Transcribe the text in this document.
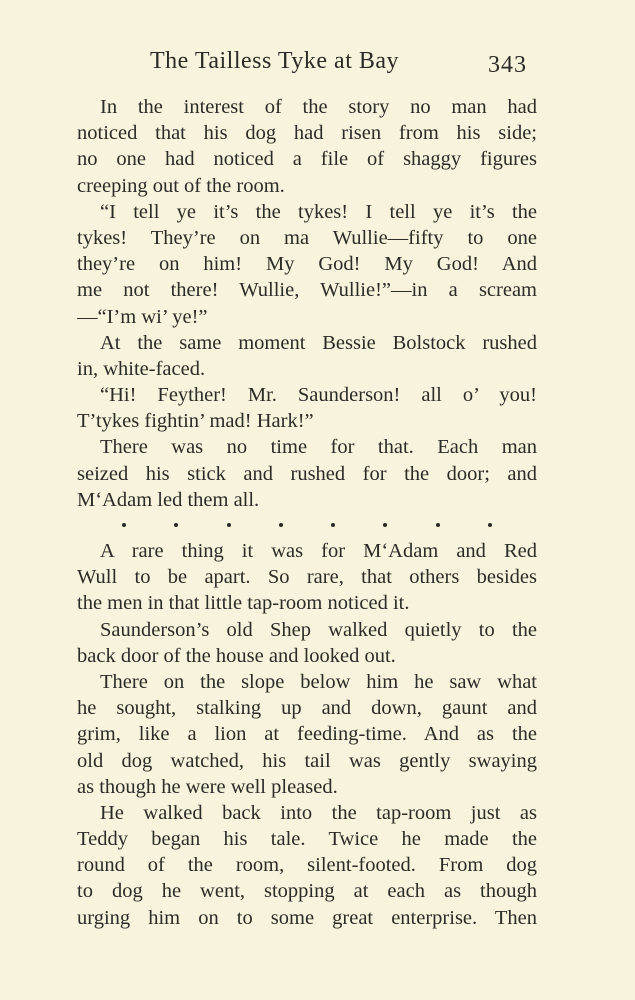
The Tailless Tyke at Bay	343
In the interest of the story no man had
noticed that his dog had risen from his side;
no one had noticed a file of shaggy figures
creeping out of the room.
“I tell ye it’s the tykes! I tell ye it’s the
tykes! They’re on ma Wullie—fifty to one
they’re on him! My God! My God! And
me not there! Wullie, Wullie!”—in a scream
—“I’m wi’ ye!”
At the same moment Bessie Bolstock rushed
in, white-faced.
“Hi! Feyther! Mr. Saunderson! all o’ you!
T’tykes fightin’ mad! Hark!”
There was no time for that. Each man
seized his stick and rushed for the door; and
M‘Adam led them all.
A rare thing it was for M‘Adam and Red
Wull to be apart. So rare, that others besides
the men in that little tap-room noticed it.
Saunderson’s old Shep walked quietly to the
back door of the house and looked out.
There on the slope below him he saw what
he sought, stalking up and down, gaunt and
grim, like a lion at feeding-time. And as the
old dog watched, his tail was gently swaying
as though he were well pleased.
He walked back into the tap-room just as
Teddy began his tale. Twice he made the
round of the room, silent-footed. From dog
to dog he went, stopping at each as though
urging him on to some great enterprise. Then
